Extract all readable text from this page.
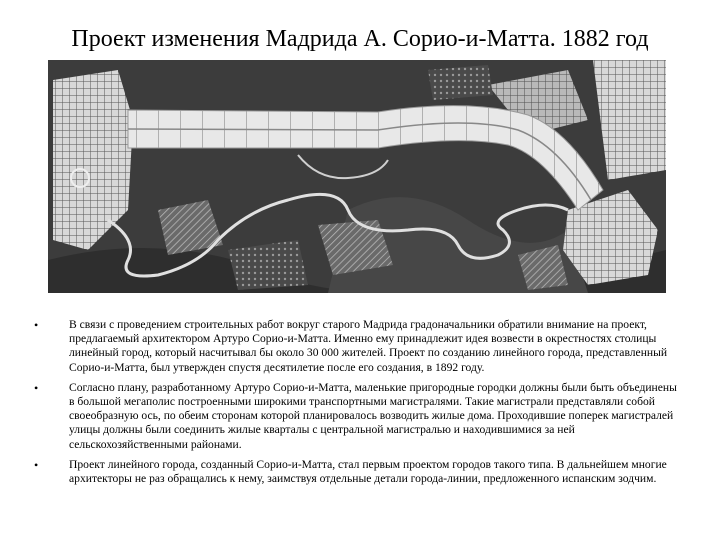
Проект изменения Мадрида А. Сорио-и-Матта. 1882 год
•	В связи с проведением строительных работ вокруг старого Мадрида градоначальники обратили внимание на проект, предлагаемый архитектором Артуро Сорио-и-Матта. Именно ему принадлежит идея возвести в окрестностях столицы линейный город, который насчитывал бы около 30 000 жителей. Проект по созданию линейного города, представленный Сорио-и-Матта, был утвержден спустя десятилетие после его создания, в 1892 году.
•	Согласно плану, разработанному Артуро Сорио-и-Матта, маленькие пригородные городки должны были быть объединены в большой мегаполис построенными широкими транспортными магистралями. Такие магистрали представляли собой своеобразную ось, по обеим сторонам которой планировалось возводить жилые дома. Проходившие поперек магистралей улицы должны были соединить жилые кварталы с центральной магистралью и находившимися за ней сельскохозяйственными районами.
•	Проект линейного города, созданный Сорио-и-Матта, стал первым проектом городов такого типа. В дальнейшем многие архитекторы не раз обращались к нему, заимствуя отдельные детали города-линии, предложенного испанским зодчим.
